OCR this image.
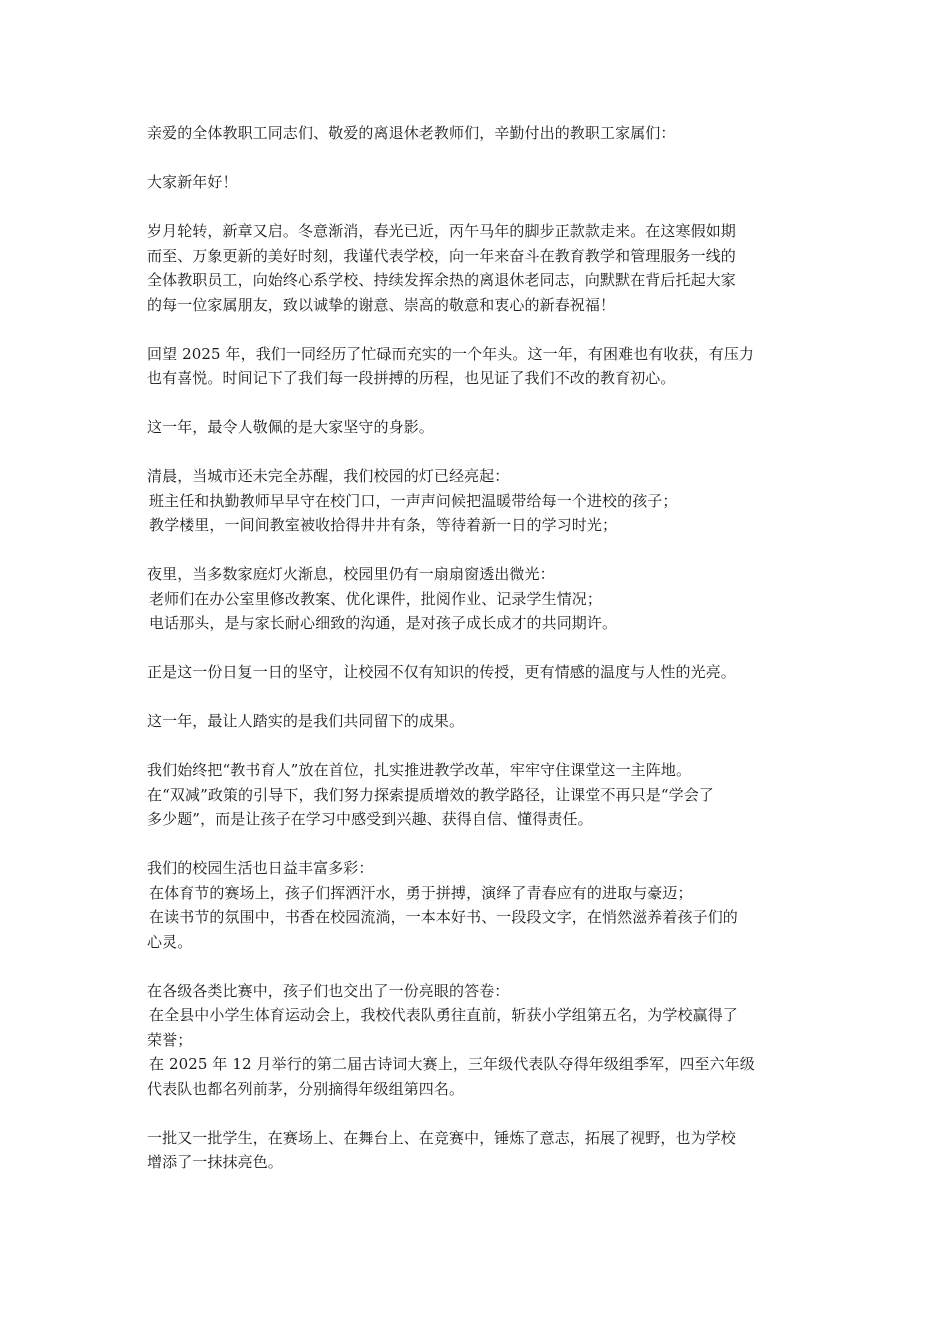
亲爱的全体教职工同志们、敬爱的离退休老教师们，辛勤付出的教职工家属们：

大家新年好！

岁月轮转，新章又启。冬意渐消，春光已近，丙午马年的脚步正款款走来。在这寒假如期
而至、万象更新的美好时刻，我谨代表学校，向一年来奋斗在教育教学和管理服务一线的
全体教职员工，向始终心系学校、持续发挥余热的离退休老同志，向默默在背后托起大家
的每一位家属朋友，致以诚挚的谢意、崇高的敬意和衷心的新春祝福！

回望 2025 年，我们一同经历了忙碌而充实的一个年头。这一年，有困难也有收获，有压力
也有喜悦。时间记下了我们每一段拼搏的历程，也见证了我们不改的教育初心。

这一年，最令人敬佩的是大家坚守的身影。

清晨，当城市还未完全苏醒，我们校园的灯已经亮起：
班主任和执勤教师早早守在校门口，一声声问候把温暖带给每一个进校的孩子；
教学楼里，一间间教室被收拾得井井有条，等待着新一日的学习时光；

夜里，当多数家庭灯火渐息，校园里仍有一扇扇窗透出微光：
老师们在办公室里修改教案、优化课件，批阅作业、记录学生情况；
电话那头，是与家长耐心细致的沟通，是对孩子成长成才的共同期许。

正是这一份日复一日的坚守，让校园不仅有知识的传授，更有情感的温度与人性的光亮。

这一年，最让人踏实的是我们共同留下的成果。

我们始终把“教书育人”放在首位，扎实推进教学改革，牢牢守住课堂这一主阵地。
在“双减”政策的引导下，我们努力探索提质增效的教学路径，让课堂不再只是“学会了
多少题”，而是让孩子在学习中感受到兴趣、获得自信、懂得责任。

我们的校园生活也日益丰富多彩：
在体育节的赛场上，孩子们挥洒汗水，勇于拼搏，演绎了青春应有的进取与豪迈；
在读书节的氛围中，书香在校园流淌，一本本好书、一段段文字，在悄然滋养着孩子们的
心灵。

在各级各类比赛中，孩子们也交出了一份亮眼的答卷：
在全县中小学生体育运动会上，我校代表队勇往直前，斩获小学组第五名，为学校赢得了
荣誉；
在 2025 年 12 月举行的第二届古诗词大赛上，三年级代表队夺得年级组季军，四至六年级
代表队也都名列前茅，分别摘得年级组第四名。

一批又一批学生，在赛场上、在舞台上、在竞赛中，锤炼了意志，拓展了视野，也为学校
增添了一抹抹亮色。
